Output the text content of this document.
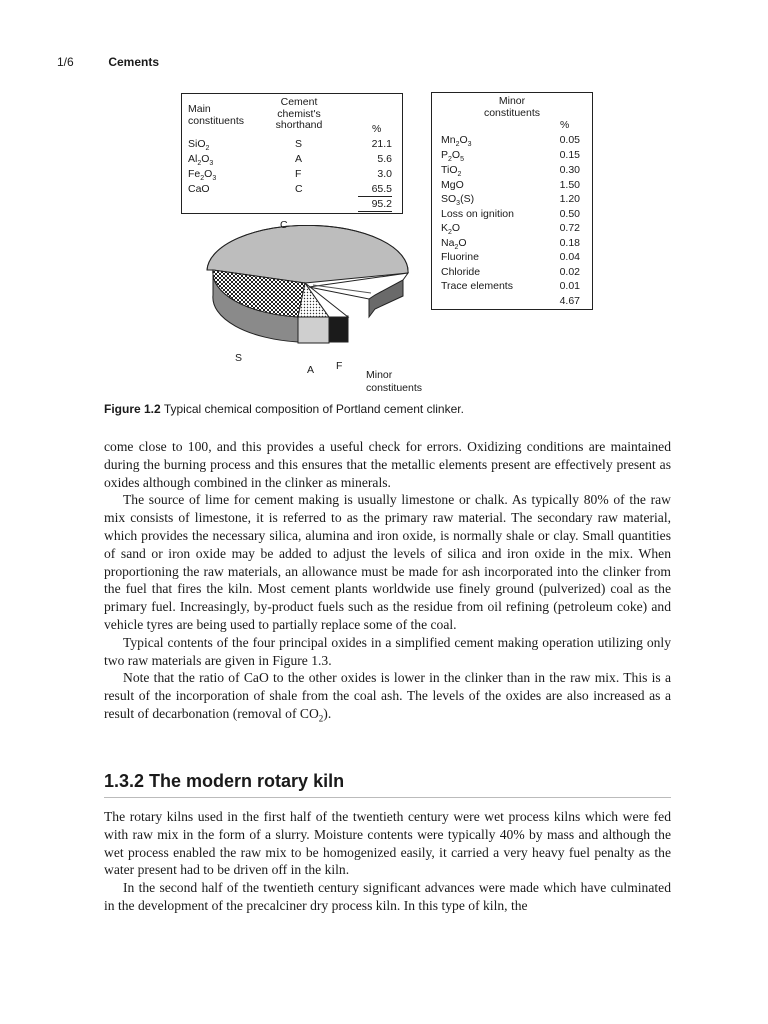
1/6	Cements
Main
constituents
Cement
chemist's
shorthand	%
SiO$_2$
$Al_2O_3$
$Fe_2O_3$
CaO
S
A
F
C
21.1
5.6
3.0
65.5
95.2
Minor
constituents
%
$Mn_2O_3$
$P_2O_5$
TiO$_2$
MgO
$SO_3(S)$
Loss on ignition
$K_2O$
$Na_2O$
Fluorine
Chloride
Trace elements
0.05
0.15
0.30
1.50
1.20
0.50
0.72
0.18
0.04
0.02
0.01
4.67
C
S
A F
Minor
constituents
Figure 1.2 Typical chemical composition of Portland cement clinker.

come close to 100, and this provides a useful check for errors. Oxidizing conditions are maintained during the burning process and this ensures that the metallic elements present are effectively present as oxides although combined in the clinker as minerals.

The source of lime for cement making is usually limestone or chalk. As typically 80% of the raw mix consists of limestone, it is referred to as the primary raw material. The secondary raw material, which provides the necessary silica, alumina and iron oxide, is normally shale or clay. Small quantities of sand or iron oxide may be added to adjust the levels of silica and iron oxide in the mix. When proportioning the raw materials, an allowance must be made for ash incorporated into the clinker from the fuel that fires the kiln. Most cement plants worldwide use finely ground (pulverized) coal as the primary fuel. Increasingly, by-product fuels such as the residue from oil refining (petroleum coke) and vehicle tyres are being used to partially replace some of the coal.

Typical contents of the four principal oxides in a simplified cement making operation utilizing only two raw materials are given in Figure 1.3.

Note that the ratio of CaO to the other oxides is lower in the clinker than in the raw mix. This is a result of the incorporation of shale from the coal ash. The levels of the oxides are also increased as a result of decarbonation (removal of $CO_2$).

1.3.2 The modern rotary kiln

The rotary kilns used in the first half of the twentieth century were wet process kilns which were fed with raw mix in the form of a slurry. Moisture contents were typically 40% by mass and although the wet process enabled the raw mix to be homogenized easily, it carried a very heavy fuel penalty as the water present had to be driven off in the kiln.

In the second half of the twentieth century significant advances were made which have culminated in the development of the precalciner dry process kiln. In this type of kiln, the
